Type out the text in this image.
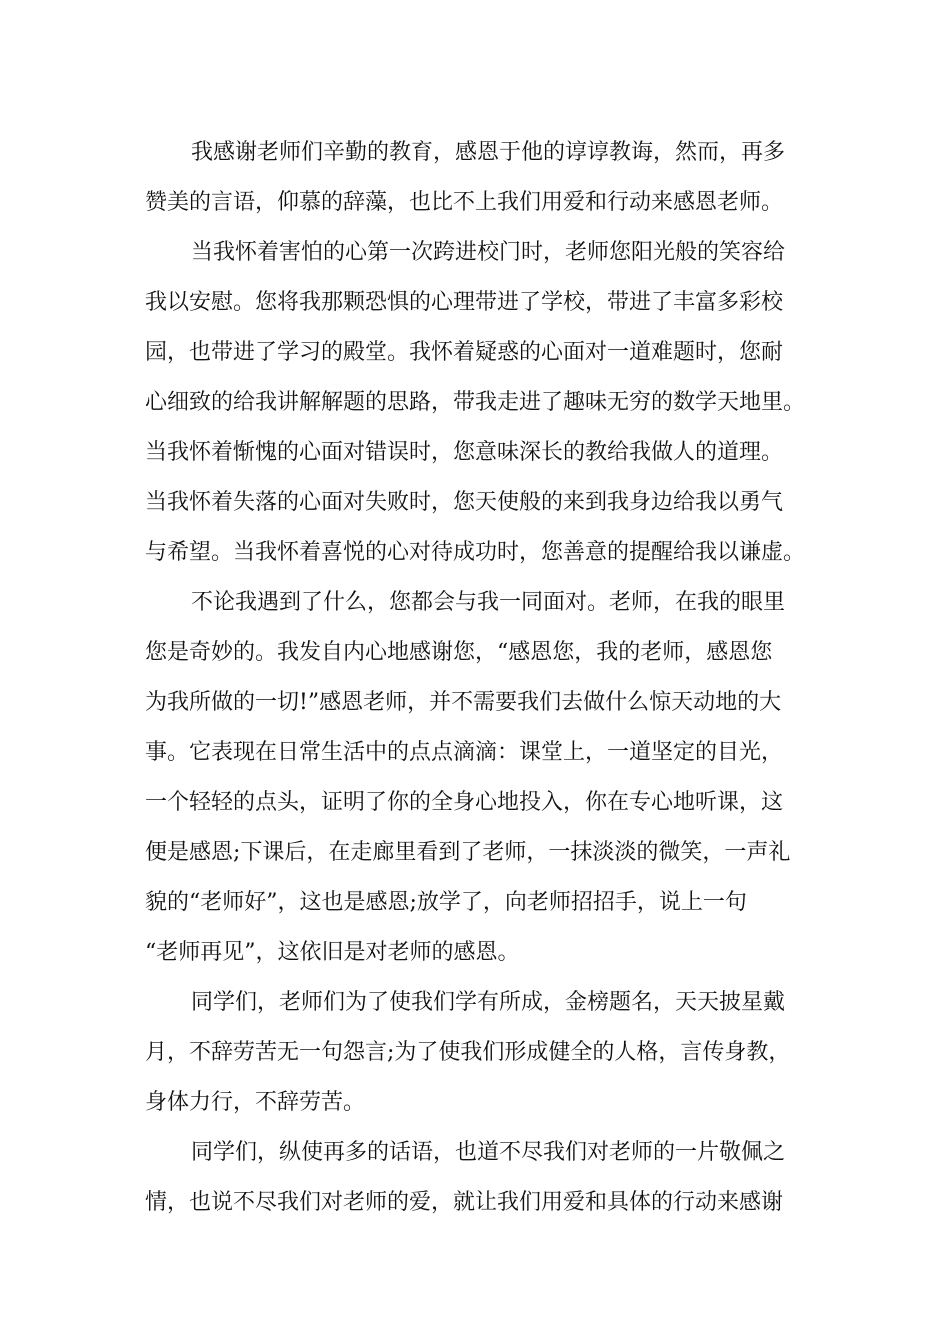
我感谢老师们辛勤的教育，感恩于他的谆谆教诲，然而，再多
赞美的言语，仰慕的辞藻，也比不上我们用爱和行动来感恩老师。
当我怀着害怕的心第一次跨进校门时，老师您阳光般的笑容给
我以安慰。您将我那颗恐惧的心理带进了学校，带进了丰富多彩校
园，也带进了学习的殿堂。我怀着疑惑的心面对一道难题时，您耐
心细致的给我讲解解题的思路，带我走进了趣味无穷的数学天地里。
当我怀着惭愧的心面对错误时，您意味深长的教给我做人的道理。
当我怀着失落的心面对失败时，您天使般的来到我身边给我以勇气
与希望。当我怀着喜悦的心对待成功时，您善意的提醒给我以谦虚。
不论我遇到了什么，您都会与我一同面对。老师，在我的眼里
您是奇妙的。我发自内心地感谢您，“感恩您，我的老师，感恩您
为我所做的一切!”感恩老师，并不需要我们去做什么惊天动地的大
事。它表现在日常生活中的点点滴滴：课堂上，一道坚定的目光，
一个轻轻的点头，证明了你的全身心地投入，你在专心地听课，这
便是感恩;下课后，在走廊里看到了老师，一抹淡淡的微笑，一声礼
貌的“老师好”，这也是感恩;放学了，向老师招招手，说上一句
“老师再见”，这依旧是对老师的感恩。
同学们，老师们为了使我们学有所成，金榜题名，天天披星戴
月，不辞劳苦无一句怨言;为了使我们形成健全的人格，言传身教，
身体力行，不辞劳苦。
同学们，纵使再多的话语，也道不尽我们对老师的一片敬佩之
情，也说不尽我们对老师的爱，就让我们用爱和具体的行动来感谢
